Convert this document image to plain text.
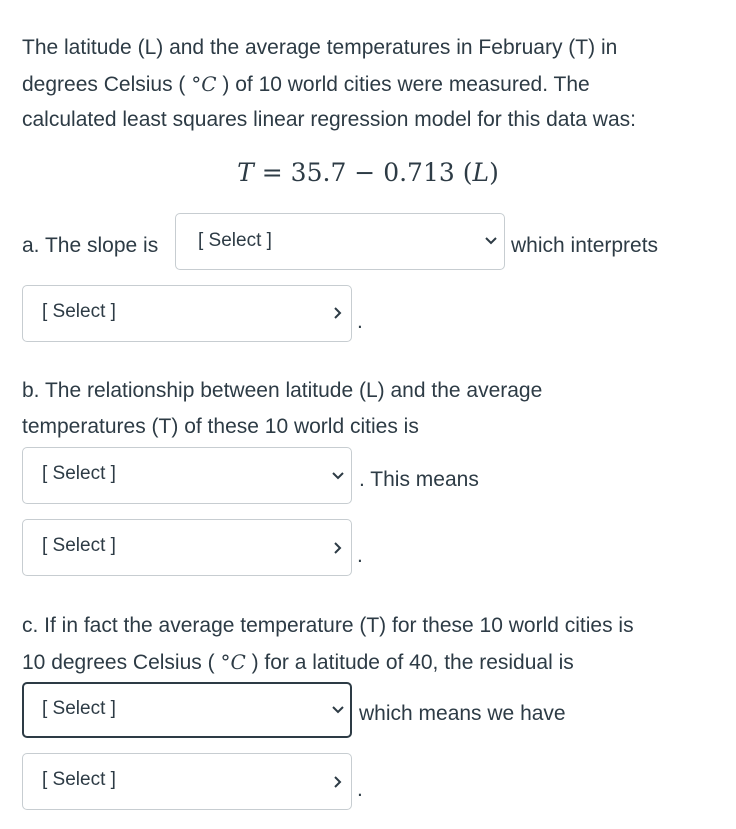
The latitude (L) and the average temperatures in February (T) in
degrees Celsius ( °C ) of 10 world cities were measured. The
calculated least squares linear regression model for this data was:
T = 35.7 − 0.713 (L)
a. The slope is [ Select ]	which interprets
[ Select ]	.
b. The relationship between latitude (L) and the average
temperatures (T) of these 10 world cities is
[ Select ]	. This means
[ Select ]	.
c. If in fact the average temperature (T) for these 10 world cities is
10 degrees Celsius ( °C ) for a latitude of 40, the residual is
[ Select ]	which means we have
[ Select ]	.
